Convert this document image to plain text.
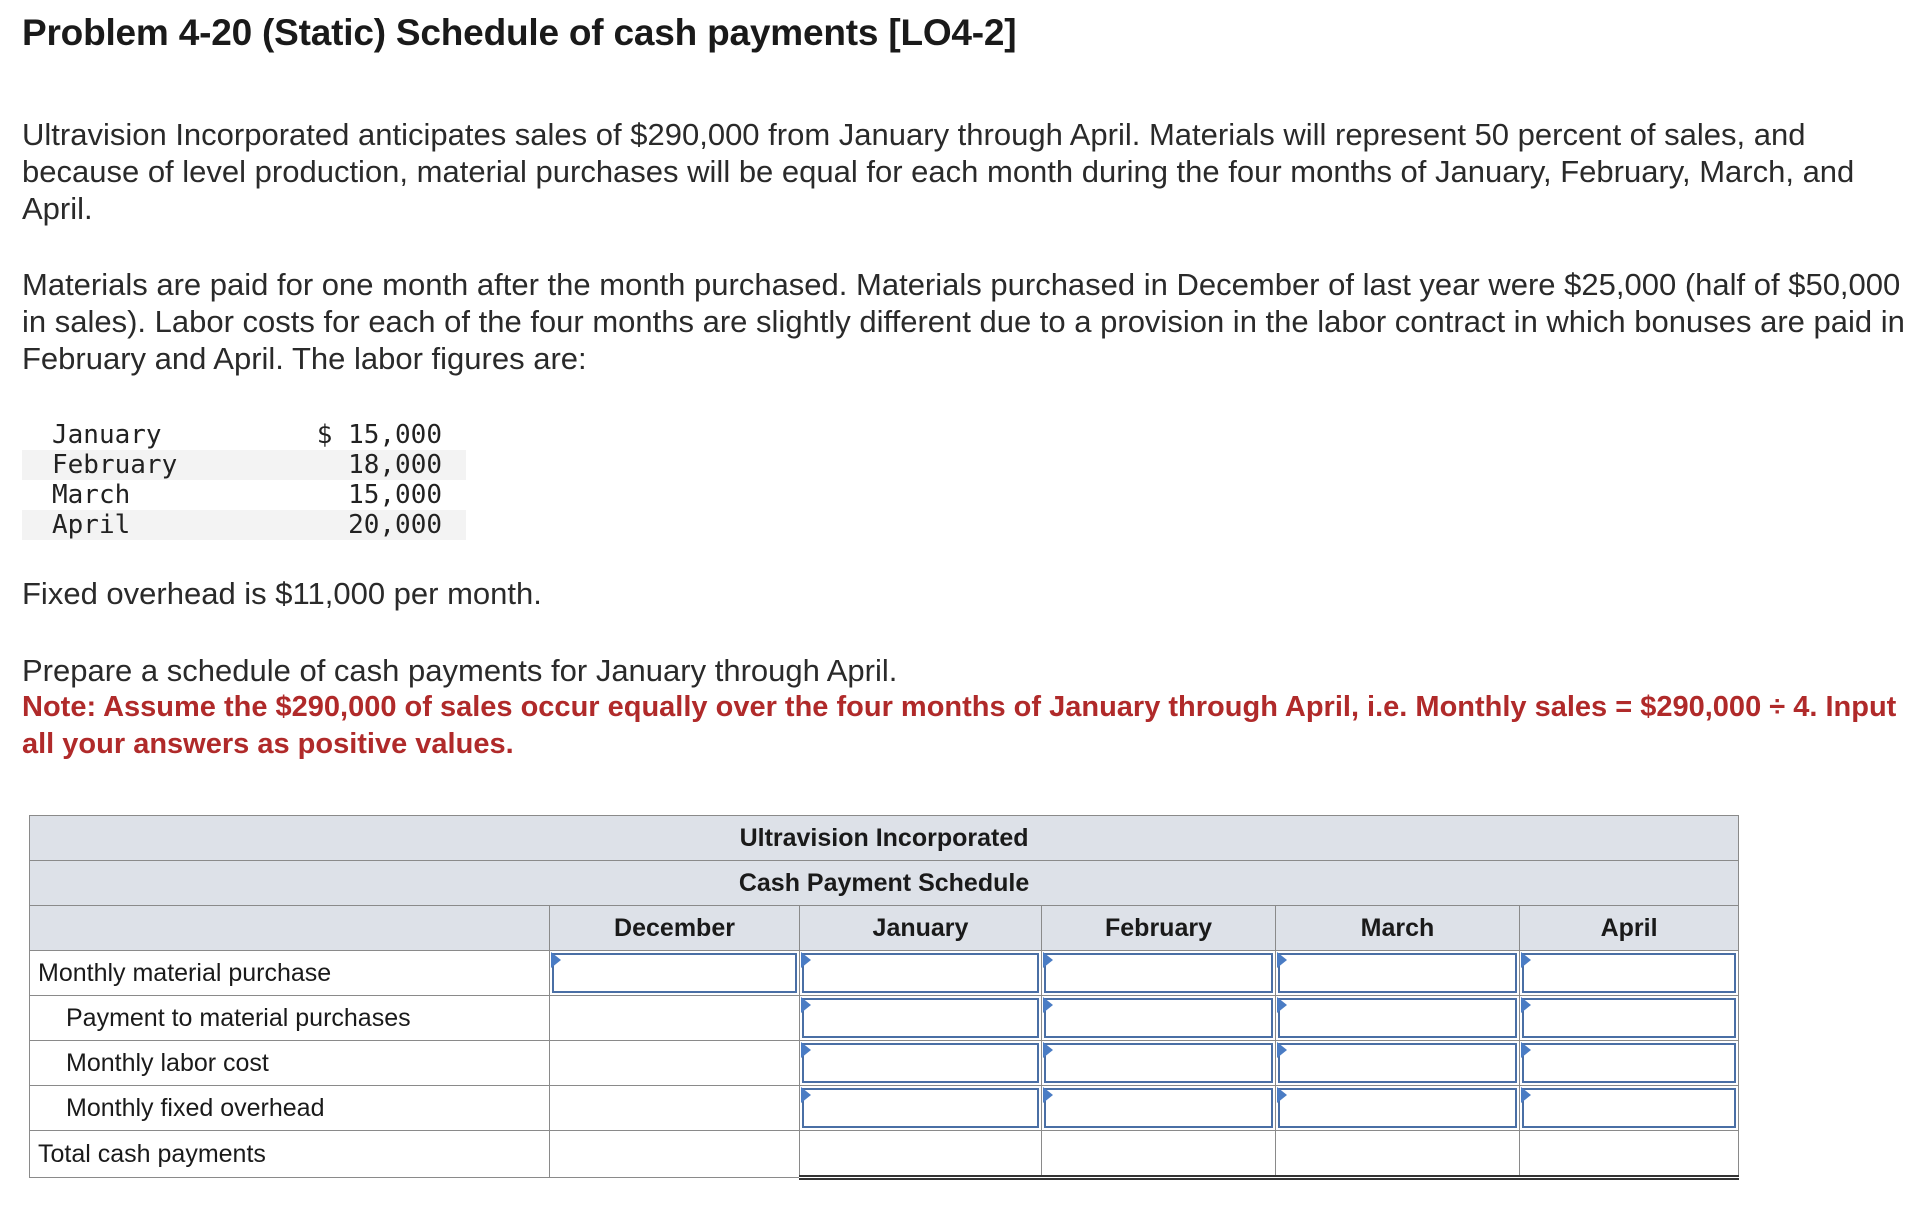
Problem 4-20 (Static) Schedule of cash payments [LO4-2]

Ultravision Incorporated anticipates sales of $290,000 from January through April. Materials will represent 50 percent of sales, and because of level production, material purchases will be equal for each month during the four months of January, February, March, and April.

Materials are paid for one month after the month purchased. Materials purchased in December of last year were $25,000 (half of $50,000 in sales). Labor costs for each of the four months are slightly different due to a provision in the labor contract in which bonuses are paid in February and April. The labor figures are:

January	$ 15,000
February	18,000
March	15,000
April	20,000

Fixed overhead is $11,000 per month.

Prepare a schedule of cash payments for January through April.

Note: Assume the $290,000 of sales occur equally over the four months of January through April, i.e. Monthly sales = $290,000 ÷ 4. Input all your answers as positive values.

Ultravision Incorporated					
Cash Payment Schedule					
	December	January	February	March	April
Monthly material purchase	

Payment to material purchases		

Monthly labor cost		

Monthly fixed overhead		

Total cash payments					
